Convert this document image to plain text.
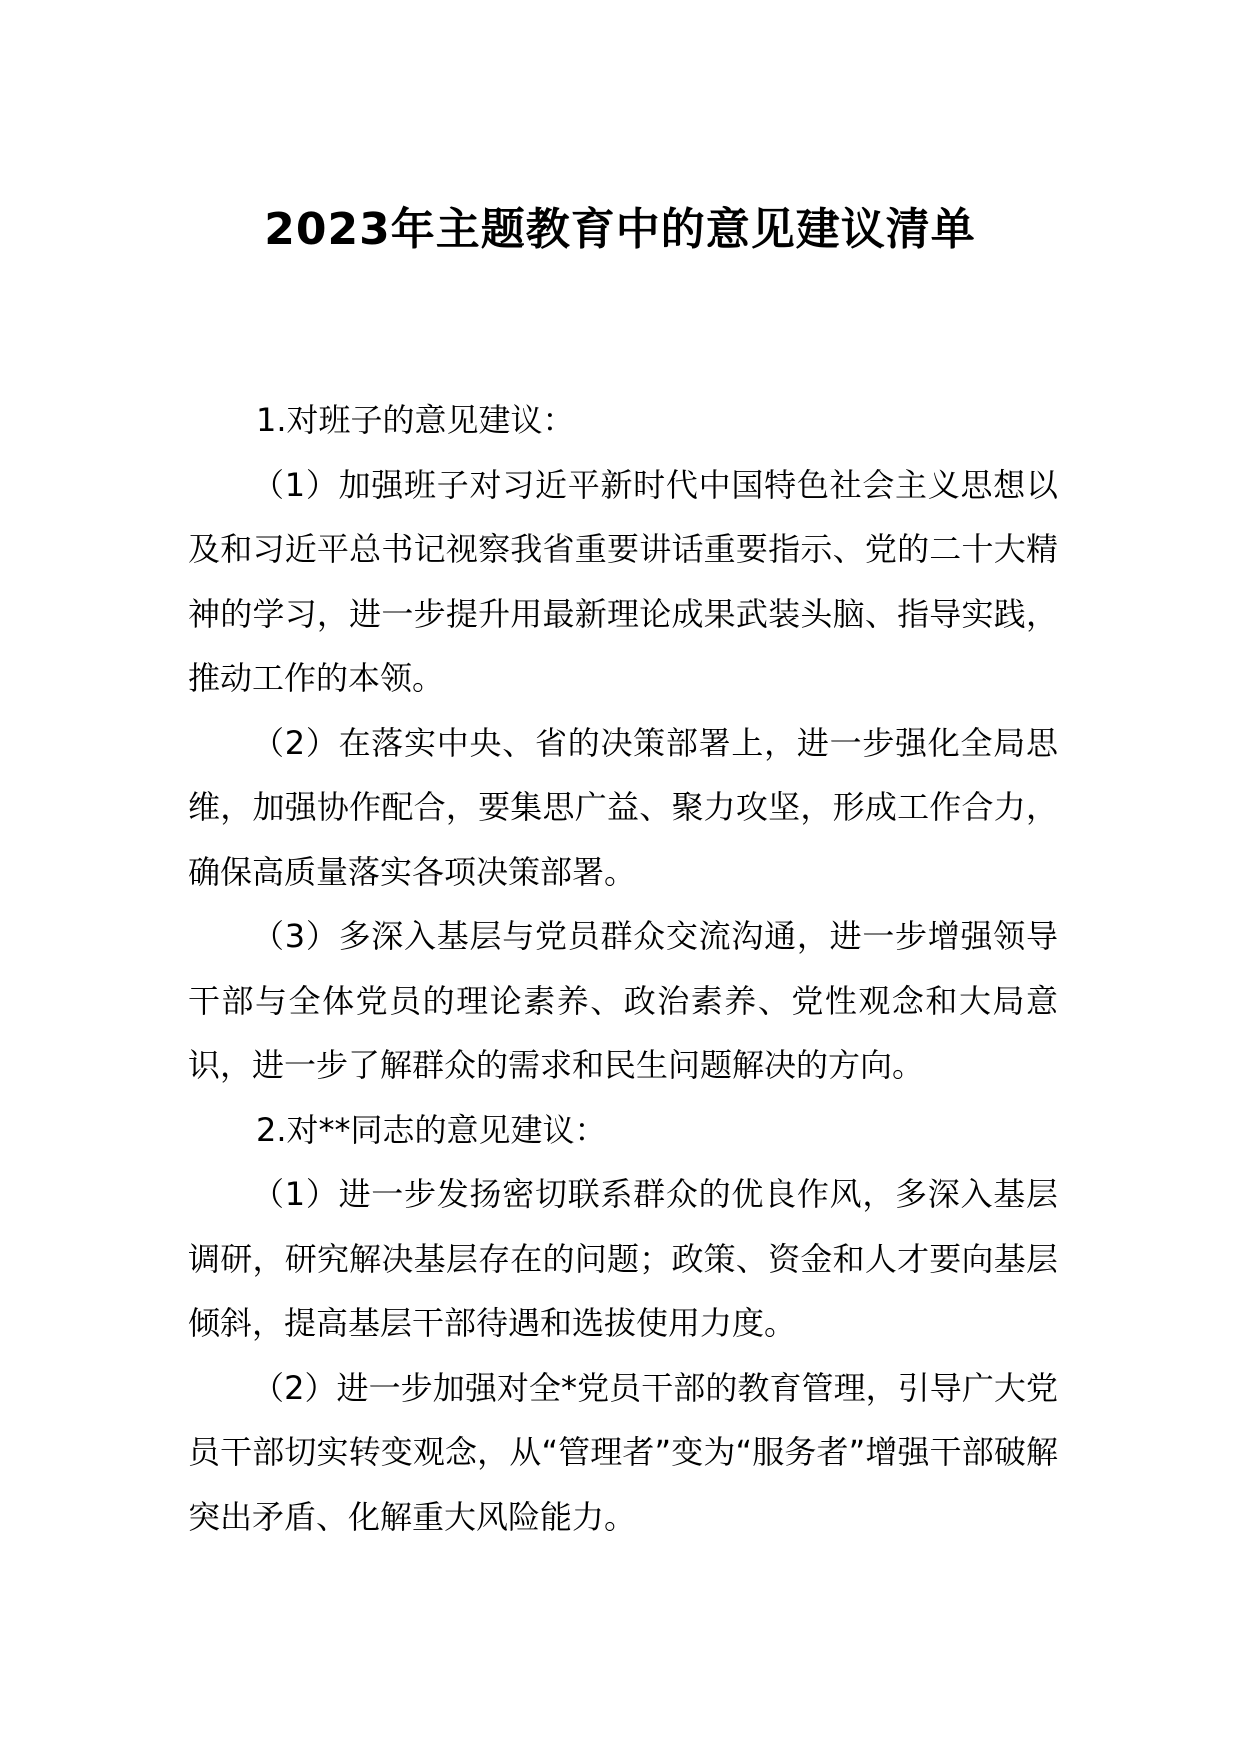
2023年主题教育中的意见建议清单

1.对班子的意见建议：

（1）加强班子对习近平新时代中国特色社会主义思想以及和习近平总书记视察我省重要讲话重要指示、党的二十大精神的学习，进一步提升用最新理论成果武装头脑、指导实践，推动工作的本领。

（2）在落实中央、省的决策部署上，进一步强化全局思维，加强协作配合，要集思广益、聚力攻坚，形成工作合力，确保高质量落实各项决策部署。

（3）多深入基层与党员群众交流沟通，进一步增强领导干部与全体党员的理论素养、政治素养、党性观念和大局意识，进一步了解群众的需求和民生问题解决的方向。

2.对**同志的意见建议：

（1）进一步发扬密切联系群众的优良作风，多深入基层调研，研究解决基层存在的问题；政策、资金和人才要向基层倾斜，提高基层干部待遇和选拔使用力度。

（2）进一步加强对全*党员干部的教育管理，引导广大党员干部切实转变观念，从“管理者”变为“服务者”增强干部破解突出矛盾、化解重大风险能力。
